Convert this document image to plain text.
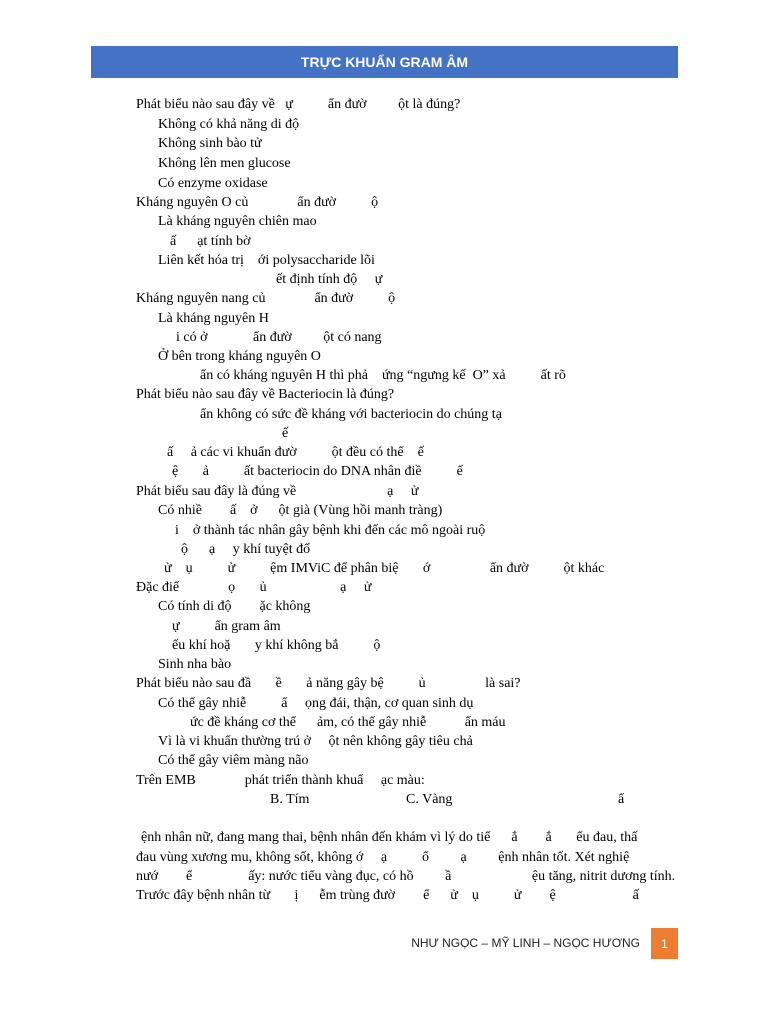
TRỰC KHUẨN GRAM ÂM
Phát biểu nào sau đây về   ự          ẩn đườ         ột là đúng?
Không có khả năng di độ
Không sinh bào tử
Không lên men glucose
Có enzyme oxidase
Kháng nguyên O củ              ẩn đườ          ộ
Là kháng nguyên chiên mao
ấ      ạt tính bờ
Liên kết hóa trị    ới polysaccharide lõi
ết định tính độ     ự
Kháng nguyên nang củ              ẩn đườ          ộ
Là kháng nguyên H
i có ở             ẩn đườ         ột có nang
Ở bên trong kháng nguyên O
ẩn có kháng nguyên H thì phả    ứng “ngưng kế  O” xả          ất rõ
Phát biểu nào sau đây về Bacteriocin là đúng?
ẩn không có sức đề kháng với bacteriocin do chúng tạ
ế
ấ     ả các vi khuẩn đườ          ột đều có thể    ế
ệ       ả          ất bacteriocin do DNA nhân điề          ế
Phát biểu sau đây là đúng về                          ạ     ử
Có nhiề        ấ    ở      ột già (Vùng hồi manh tràng)
i    ở thành tác nhân gây bệnh khi đến các mô ngoài ruộ
ộ      ạ     y khí tuyệt đố
ử    ụ          ử          ệm IMViC để phân biệ       ớ                 ẩn đườ          ột khác
Đặc điể              ọ       ủ                     ạ     ử
Có tính di độ        ặc không
ự          ẩn gram âm
ếu khí hoặ       y khí không bắ          ộ
Sinh nha bào
Phát biểu nào sau đầ       ề       ả năng gây bệ          ủ                 là sai?
Có thể gây nhiễ          ẩ     ọng đái, thận, cơ quan sinh dụ
ức đề kháng cơ thể      ảm, có thể gây nhiễ           ẩn máu
Vì là vi khuẩn thường trú ở     ột nên không gây tiêu chả
Có thể gây viêm màng não
Trên EMB              phát triển thành khuẩ     ạc màu:
B. Tím	C. Vàng	ẩ
ệnh nhân nữ, đang mang thai, bệnh nhân đến khám vì lý do tiể      ắ        ắ       ểu đau, thấ
đau vùng xương mu, không sốt, không ớ     ạ          ổ         ạ         ệnh nhân tốt. Xét nghiệ
nướ        ể                ấy: nước tiểu vàng đục, có hồ         ầ                       ệu tăng, nitrit dương tính.
Trước đây bệnh nhân từ       ị      ễm trùng đườ        ể      ử    ụ          ử        ệ                      ấ
NHƯ NGỌC – MỸ LINH – NGỌC HƯƠNG 1
